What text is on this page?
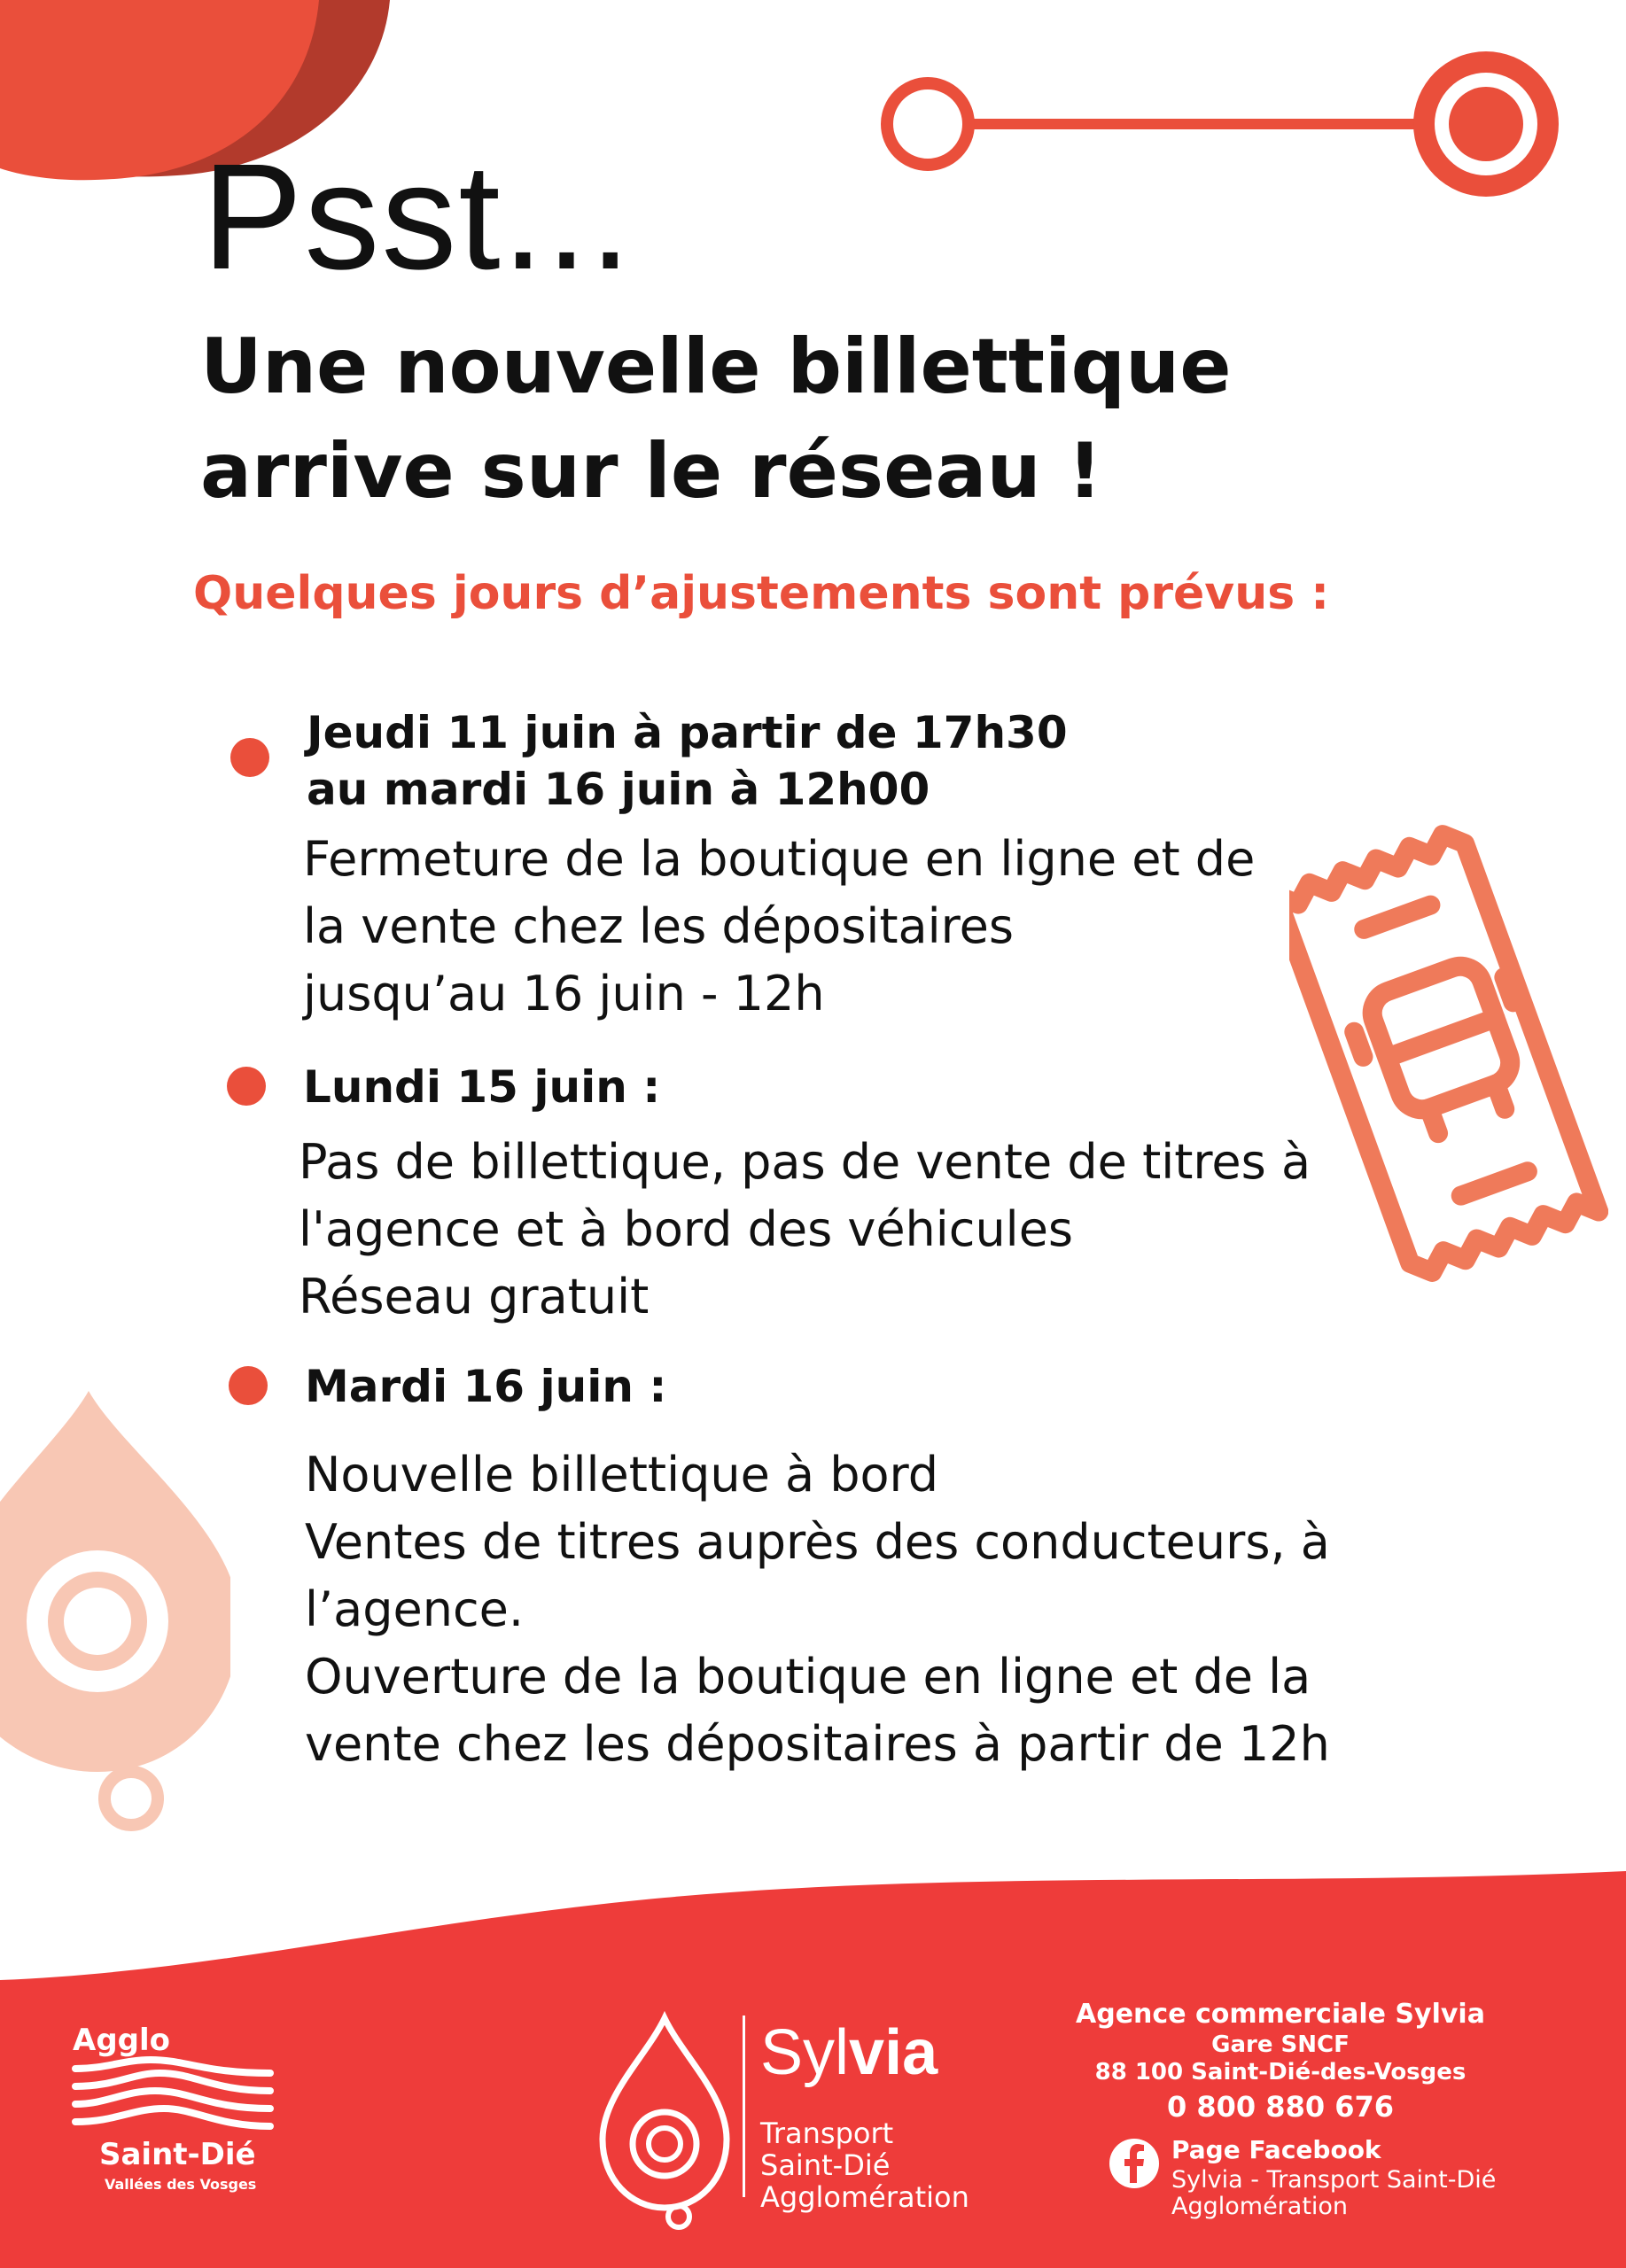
Psst...
Une nouvelle billettique
arrive sur le réseau !
Quelques jours d’ajustements sont prévus :
Jeudi 11 juin à partir de 17h30
au mardi 16 juin à 12h00
Fermeture de la boutique en ligne et de
la vente chez les dépositaires
jusqu’au 16 juin - 12h
Lundi 15 juin :
Pas de billettique, pas de vente de titres à
l'agence et à bord des véhicules
Réseau gratuit
Mardi 16 juin :
Nouvelle billettique à bord
Ventes de titres auprès des conducteurs, à
l’agence.
Ouverture de la boutique en ligne et de la
vente chez les dépositaires à partir de 12h
Agglo
Saint-Dié
Vallées des Vosges
Sylvia
Transport
Saint-Dié
Agglomération
Agence commerciale Sylvia
Gare SNCF
88 100 Saint-Dié-des-Vosges
0 800 880 676
Page Facebook
Sylvia - Transport Saint-Dié
Agglomération
